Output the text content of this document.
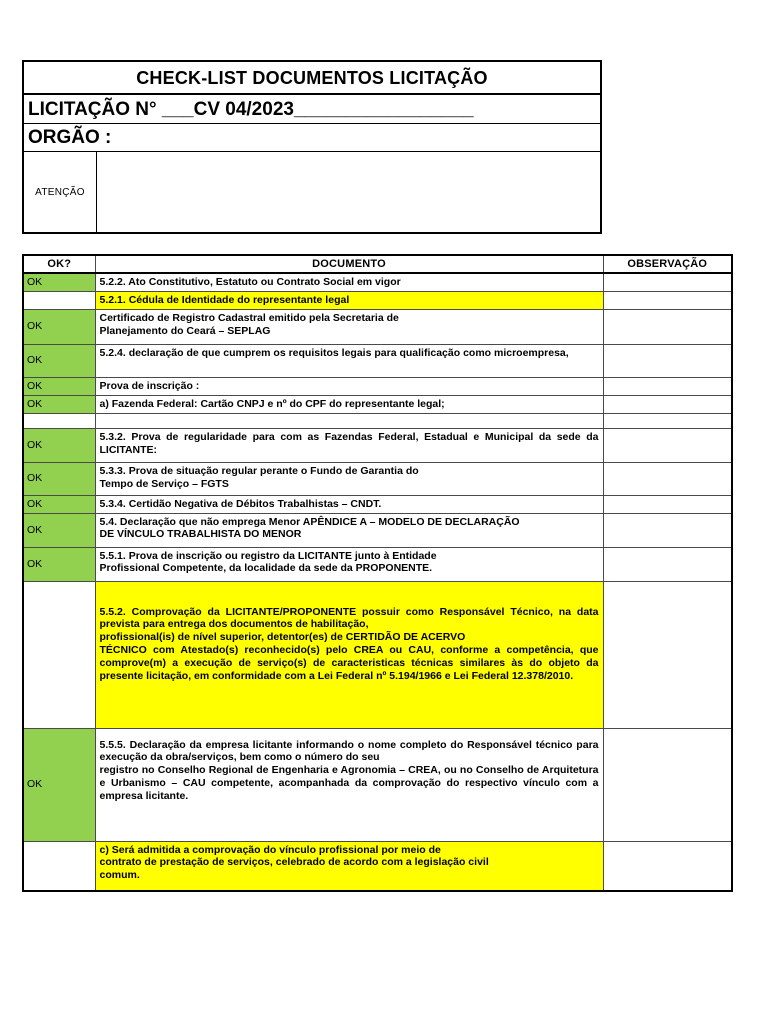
CHECK-LIST DOCUMENTOS LICITAÇÃO
LICITAÇÃO N° ___CV 04/2023_________________
ORGÃO :
ATENÇÃO
OK?	DOCUMENTO	OBSERVAÇÃO
OK	5.2.2. Ato Constitutivo, Estatuto ou Contrato Social em vigor	

	5.2.1. Cédula de Identidade do representante legal	

OK	Certificado de Registro Cadastral emitido pela Secretaria de
Planejamento do Ceará – SEPLAG	

OK	5.2.4. declaração de que cumprem os requisitos legais para qualificação como microempresa,	

OK	Prova de inscrição :	

OK	a) Fazenda Federal: Cartão CNPJ e nº do CPF do representante legal;	

OK	5.3.2. Prova de regularidade para com as Fazendas Federal, Estadual e Municipal da sede da LICITANTE:	

OK	5.3.3. Prova de situação regular perante o Fundo de Garantia do
Tempo de Serviço – FGTS	

OK	5.3.4. Certidão Negativa de Débitos Trabalhistas – CNDT.	

OK	5.4. Declaração que não emprega Menor APÊNDICE A – MODELO DE DECLARAÇÃO
DE VÍNCULO TRABALHISTA DO MENOR	

OK	5.5.1. Prova de inscrição ou registro da LICITANTE junto à Entidade
Profissional Competente, da localidade da sede da PROPONENTE.	

	5.5.2. Comprovação da LICITANTE/PROPONENTE possuir como Responsável Técnico, na data prevista para entrega dos documentos de habilitação,
profissional(is) de nível superior, detentor(es) de CERTIDÃO DE ACERVO
TÉCNICO com Atestado(s) reconhecido(s) pelo CREA ou CAU, conforme a competência, que comprove(m) a execução de serviço(s) de caracteristicas técnicas similares às do objeto da presente licitação, em conformidade com a Lei Federal nº 5.194/1966 e Lei Federal 12.378/2010.	

OK	5.5.5. Declaração da empresa licitante informando o nome completo do Responsável técnico para execução da obra/serviços, bem como o número do seu
registro no Conselho Regional de Engenharia e Agronomia – CREA, ou no Conselho de Arquitetura e Urbanismo – CAU competente, acompanhada da comprovação do respectivo vínculo com a empresa licitante.	

	c) Será admitida a comprovação do vínculo profissional por meio de
contrato de prestação de serviços, celebrado de acordo com a legislação civil
comum.	
